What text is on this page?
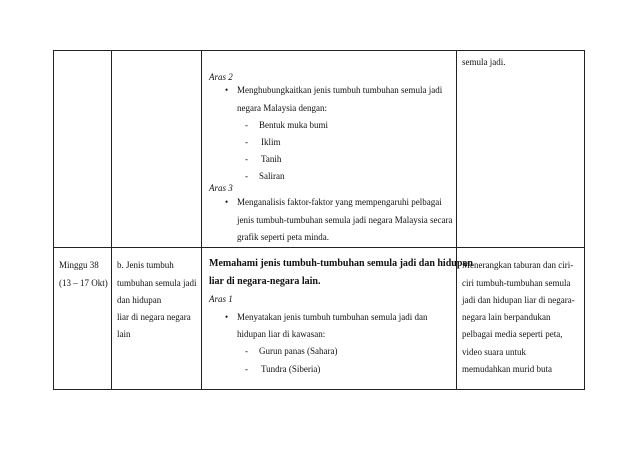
Aras 2
• Menghubungkaitkan jenis tumbuh tumbuhan semula jadi
negara Malaysia dengan:
- Bentuk muka bumi
- Iklim
- Tanih
- Saliran
Aras 3
• Menganalisis faktor-faktor yang mempengaruhi pelbagai
jenis tumbuh-tumbuhan semula jadi negara Malaysia secara
grafik seperti peta minda.
semula jadi.
Minggu 38
(13 – 17 Okt)
b. Jenis tumbuh
tumbuhan semula jadi
dan hidupan
liar di negara negara
lain
Memahami jenis tumbuh-tumbuhan semula jadi dan hidupan
liar di negara-negara lain.
Aras 1
• Menyatakan jenis tumbuh tumbuhan semula jadi dan
hidupan liar di kawasan:
- Gurun panas (Sahara)
- Tundra (Siberia)
Menerangkan taburan dan ciri-
ciri tumbuh-tumbuhan semula
jadi dan hidupan liar di negara-
negara lain berpandukan
pelbagai media seperti peta,
video suara untuk
memudahkan murid buta
